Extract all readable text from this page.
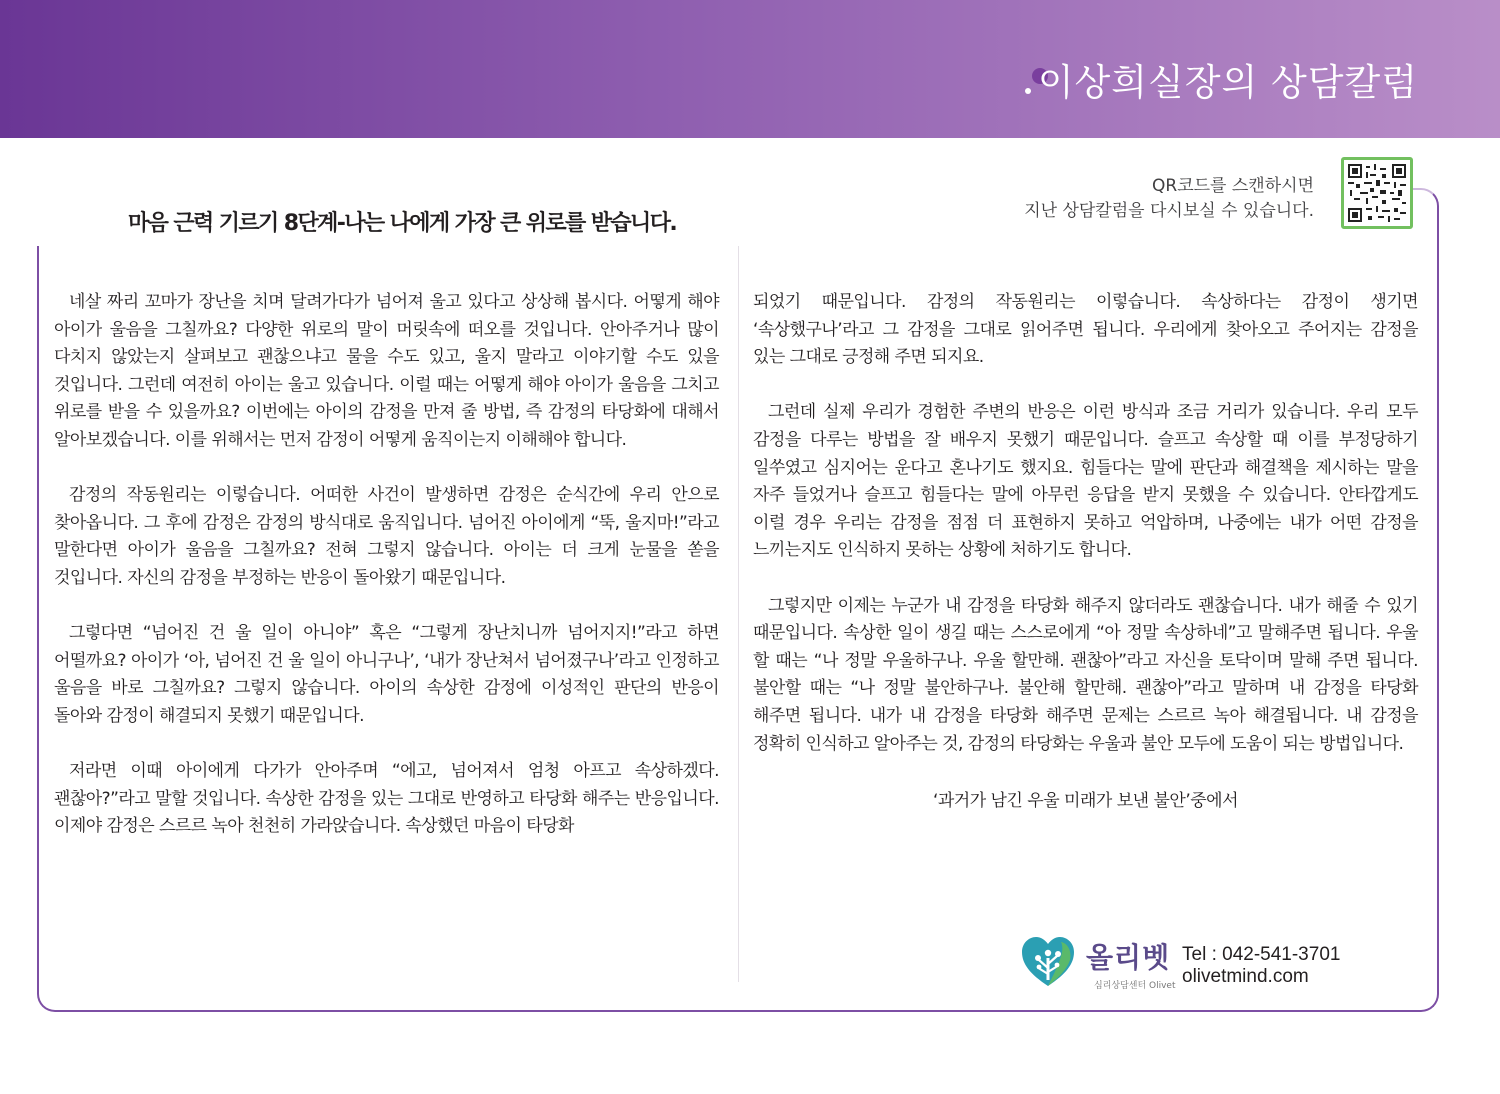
이상희실장의 상담칼럼
마음 근력 기르기 8단계-나는 나에게 가장 큰 위로를 받습니다.
QR코드를 스캔하시면
지난 상담칼럼을 다시보실 수 있습니다.

네살 짜리 꼬마가 장난을 치며 달려가다가 넘어져 울고 있다고 상상해 봅시다. 어떻게 해야 아이가 울음을 그칠까요? 다양한 위로의 말이 머릿속에 떠오를 것입니다. 안아주거나 많이 다치지 않았는지 살펴보고 괜찮으냐고 물을 수도 있고, 울지 말라고 이야기할 수도 있을 것입니다. 그런데 여전히 아이는 울고 있습니다. 이럴 때는 어떻게 해야 아이가 울음을 그치고 위로를 받을 수 있을까요? 이번에는 아이의 감정을 만져 줄 방법, 즉 감정의 타당화에 대해서 알아보겠습니다. 이를 위해서는 먼저 감정이 어떻게 움직이는지 이해해야 합니다.

감정의 작동원리는 이렇습니다. 어떠한 사건이 발생하면 감정은 순식간에 우리 안으로 찾아옵니다. 그 후에 감정은 감정의 방식대로 움직입니다. 넘어진 아이에게 “뚝, 울지마!”라고 말한다면 아이가 울음을 그칠까요? 전혀 그렇지 않습니다. 아이는 더 크게 눈물을 쏟을 것입니다. 자신의 감정을 부정하는 반응이 돌아왔기 때문입니다.

그렇다면 “넘어진 건 울 일이 아니야” 혹은 “그렇게 장난치니까 넘어지지!”라고 하면 어떨까요? 아이가 ‘아, 넘어진 건 울 일이 아니구나’, ‘내가 장난쳐서 넘어졌구나’라고 인정하고 울음을 바로 그칠까요? 그렇지 않습니다. 아이의 속상한 감정에 이성적인 판단의 반응이 돌아와 감정이 해결되지 못했기 때문입니다.

저라면 이때 아이에게 다가가 안아주며 “에고, 넘어져서 엄청 아프고 속상하겠다. 괜찮아?”라고 말할 것입니다. 속상한 감정을 있는 그대로 반영하고 타당화 해주는 반응입니다. 이제야 감정은 스르르 녹아 천천히 가라앉습니다. 속상했던 마음이 타당화

되었기 때문입니다. 감정의 작동원리는 이렇습니다. 속상하다는 감정이 생기면 ‘속상했구나’라고 그 감정을 그대로 읽어주면 됩니다. 우리에게 찾아오고 주어지는 감정을 있는 그대로 긍정해 주면 되지요.

그런데 실제 우리가 경험한 주변의 반응은 이런 방식과 조금 거리가 있습니다. 우리 모두 감정을 다루는 방법을 잘 배우지 못했기 때문입니다. 슬프고 속상할 때 이를 부정당하기 일쑤였고 심지어는 운다고 혼나기도 했지요. 힘들다는 말에 판단과 해결책을 제시하는 말을 자주 들었거나 슬프고 힘들다는 말에 아무런 응답을 받지 못했을 수 있습니다. 안타깝게도 이럴 경우 우리는 감정을 점점 더 표현하지 못하고 억압하며, 나중에는 내가 어떤 감정을 느끼는지도 인식하지 못하는 상황에 처하기도 합니다.

그렇지만 이제는 누군가 내 감정을 타당화 해주지 않더라도 괜찮습니다. 내가 해줄 수 있기 때문입니다. 속상한 일이 생길 때는 스스로에게 “아 정말 속상하네”고 말해주면 됩니다. 우울 할 때는 “나 정말 우울하구나. 우울 할만해. 괜찮아”라고 자신을 토닥이며 말해 주면 됩니다. 불안할 때는 “나 정말 불안하구나. 불안해 할만해. 괜찮아”라고 말하며 내 감정을 타당화 해주면 됩니다. 내가 내 감정을 타당화 해주면 문제는 스르르 녹아 해결됩니다. 내 감정을 정확히 인식하고 알아주는 것, 감정의 타당화는 우울과 불안 모두에 도움이 되는 방법입니다.

‘과거가 남긴 우울 미래가 보낸 불안’중에서

올리벳
심리상담센터 Olivet
Tel : 042-541-3701
olivetmind.com
